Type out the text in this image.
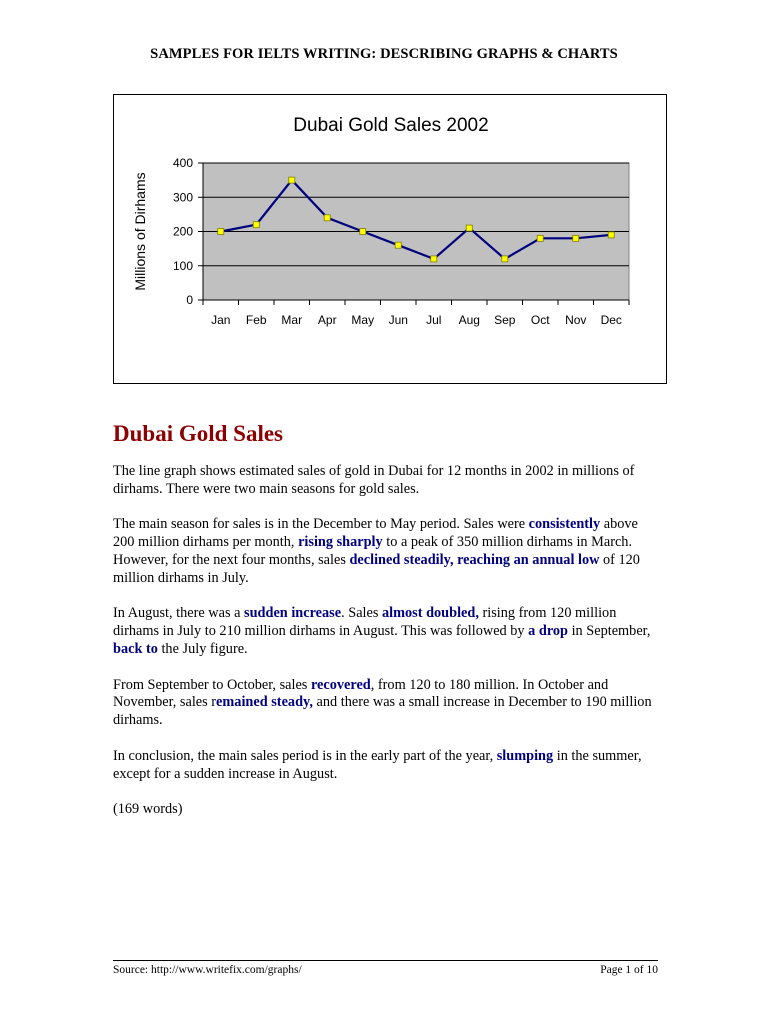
SAMPLES FOR IELTS WRITING: DESCRIBING GRAPHS & CHARTS
Dubai Gold Sales 2002
0
100
200
300
400
Jan Feb Mar Apr May Jun Jul Aug Sep Oct Nov Dec
Millions of Dirhams
Dubai Gold Sales

The line graph shows estimated sales of gold in Dubai for 12 months in 2002 in millions of dirhams. There were two main seasons for gold sales.

The main season for sales is in the December to May period. Sales were consistently above 200 million dirhams per month, rising sharply to a peak of 350 million dirhams in March. However, for the next four months, sales declined steadily, reaching an annual low of 120 million dirhams in July.

In August, there was a sudden increase. Sales almost doubled, rising from 120 million dirhams in July to 210 million dirhams in August. This was followed by a drop in September, back to the July figure.

From September to October, sales recovered, from 120 to 180 million. In October and November, sales remained steady, and there was a small increase in December to 190 million dirhams.

In conclusion, the main sales period is in the early part of the year, slumping in the summer, except for a sudden increase in August.

(169 words)

Source: http://www.writefix.com/graphs/	Page 1 of 10
